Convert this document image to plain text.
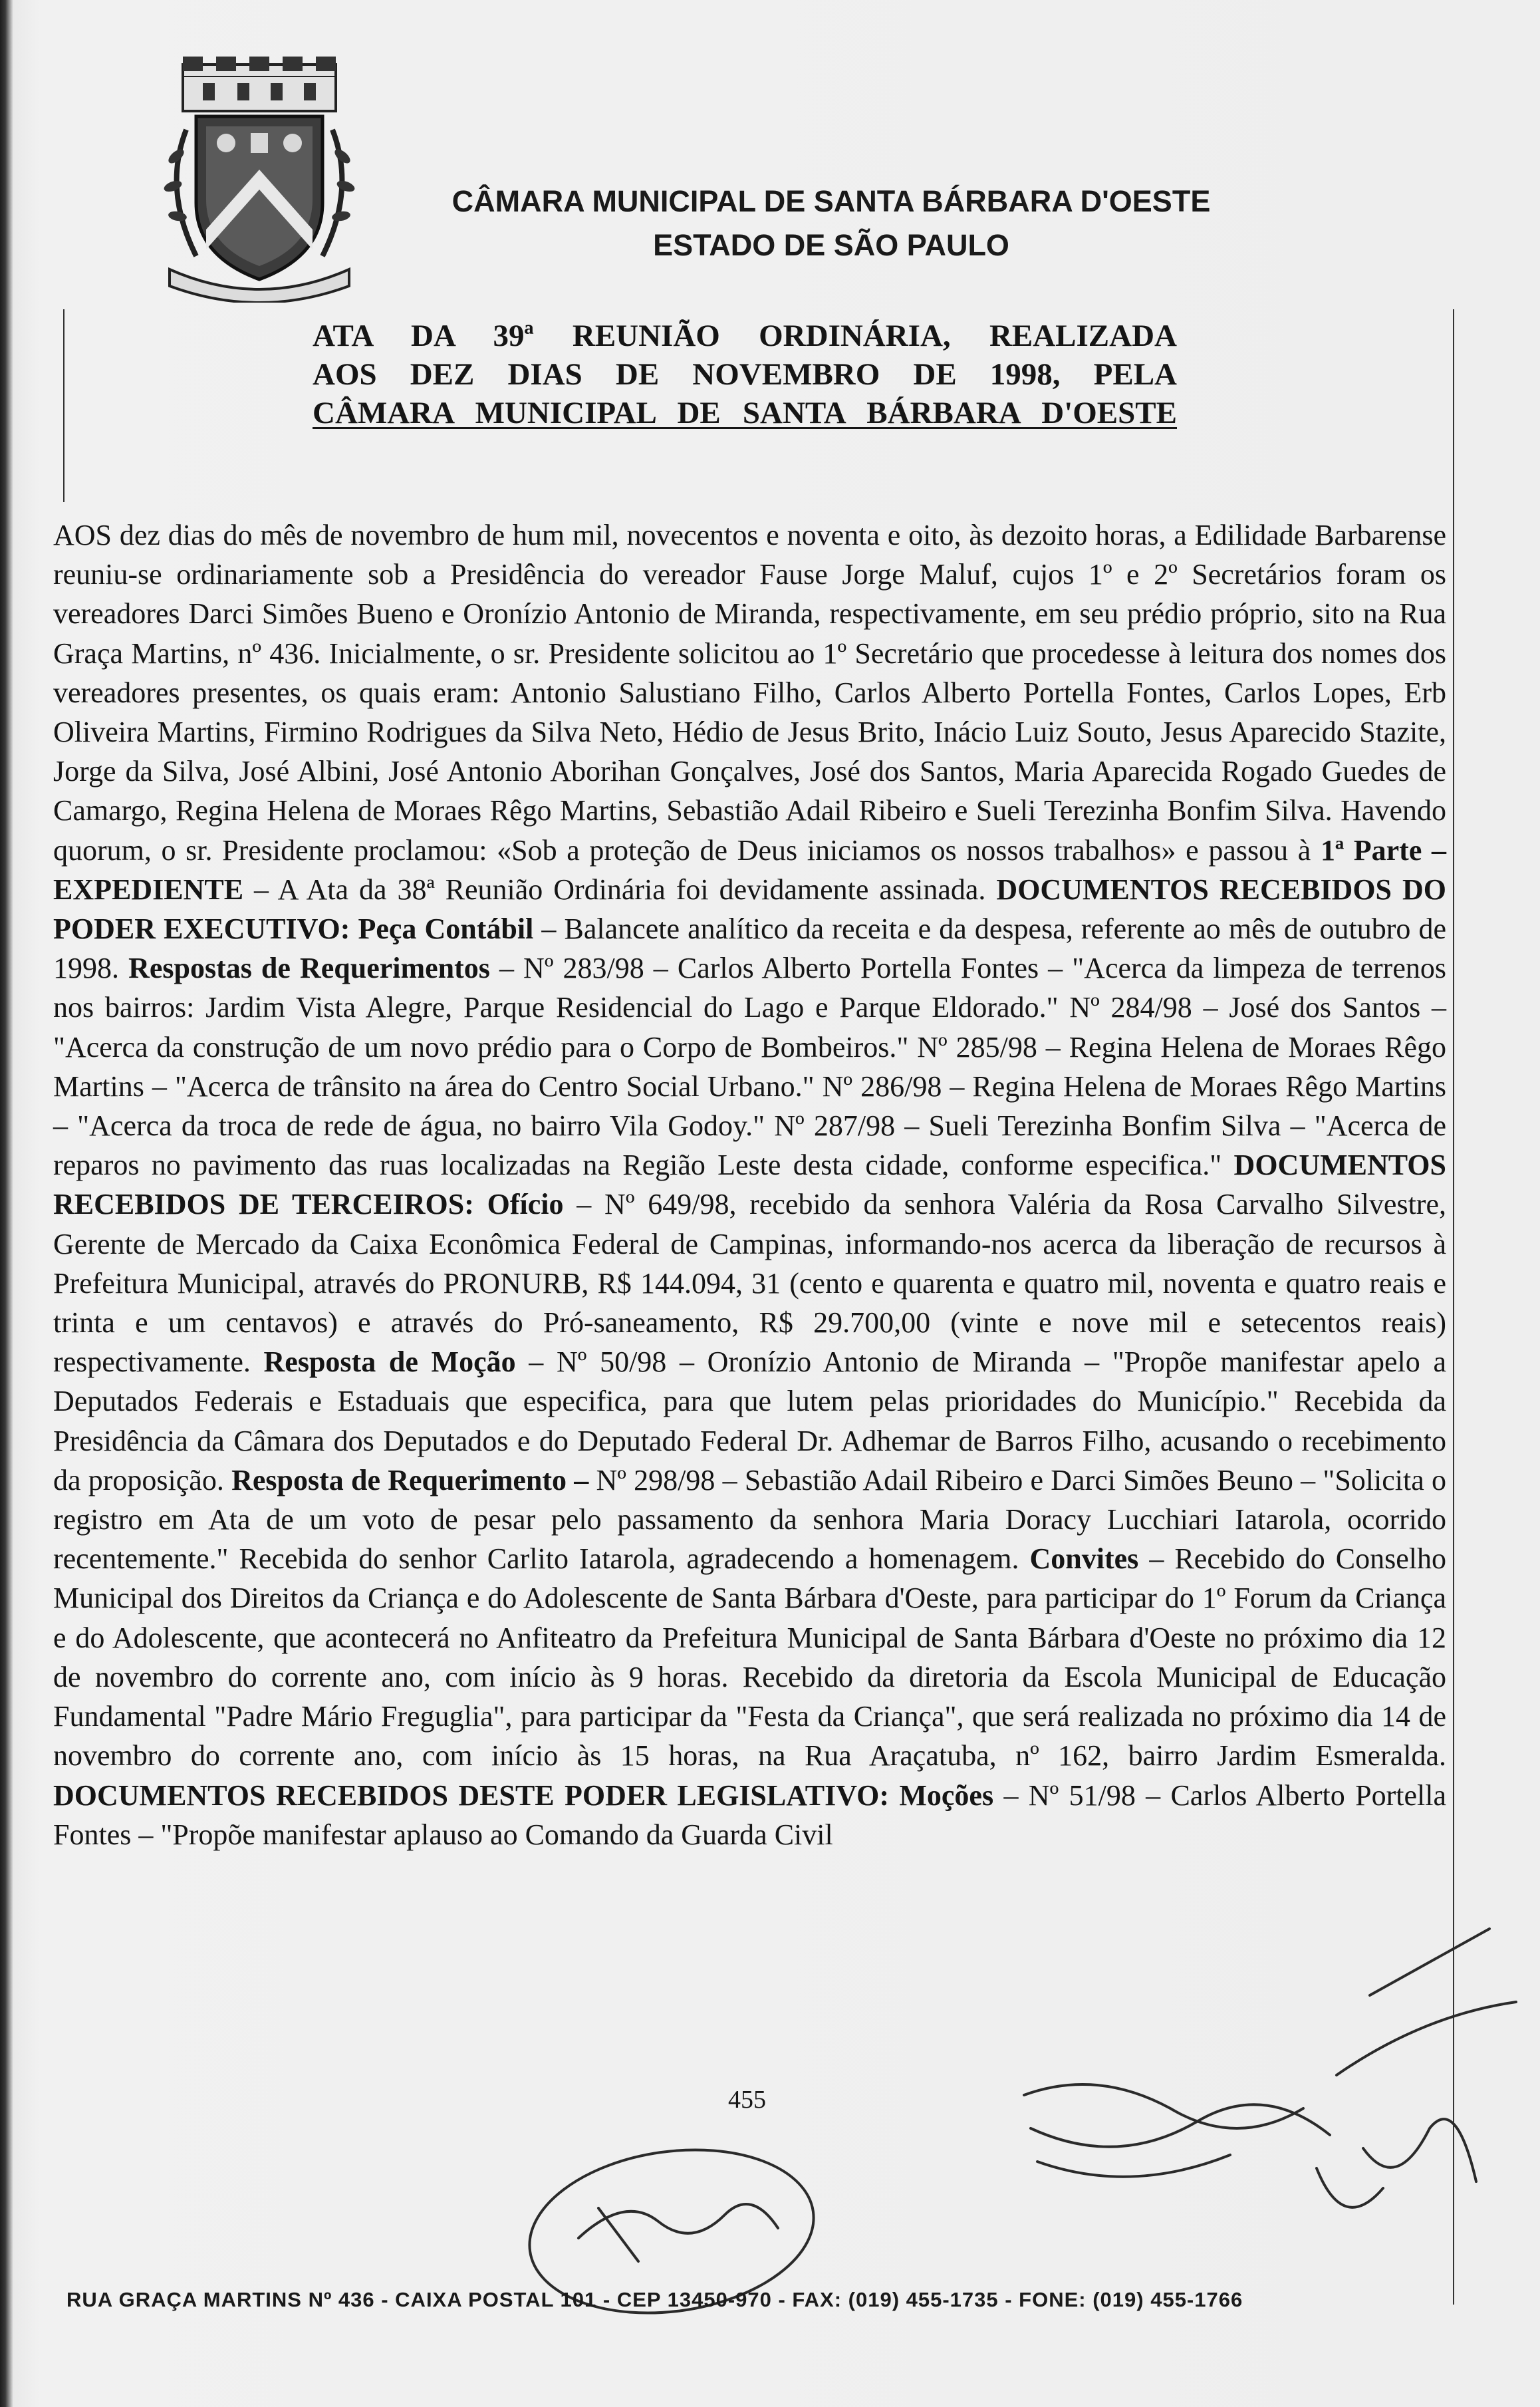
CÂMARA MUNICIPAL DE SANTA BÁRBARA D'OESTE
ESTADO DE SÃO PAULO
ATA DA 39ª REUNIÃO ORDINÁRIA, REALIZADA
AOS DEZ DIAS DE NOVEMBRO DE 1998, PELA
CÂMARA MUNICIPAL DE SANTA BÁRBARA D'OESTE
AOS dez dias do mês de novembro de hum mil, novecentos e noventa e oito, às dezoito horas, a Edilidade Barbarense reuniu-se ordinariamente sob a Presidência do vereador Fause Jorge Maluf, cujos 1º e 2º Secretários foram os vereadores Darci Simões Bueno e Oronízio Antonio de Miranda, respectivamente, em seu prédio próprio, sito na Rua Graça Martins, nº 436. Inicialmente, o sr. Presidente solicitou ao 1º Secretário que procedesse à leitura dos nomes dos vereadores presentes, os quais eram: Antonio Salustiano Filho, Carlos Alberto Portella Fontes, Carlos Lopes, Erb Oliveira Martins, Firmino Rodrigues da Silva Neto, Hédio de Jesus Brito, Inácio Luiz Souto, Jesus Aparecido Stazite, Jorge da Silva, José Albini, José Antonio Aborihan Gonçalves, José dos Santos, Maria Aparecida Rogado Guedes de Camargo, Regina Helena de Moraes Rêgo Martins, Sebastião Adail Ribeiro e Sueli Terezinha Bonfim Silva. Havendo quorum, o sr. Presidente proclamou: «Sob a proteção de Deus iniciamos os nossos trabalhos» e passou à 1ª Parte – EXPEDIENTE – A Ata da 38ª Reunião Ordinária foi devidamente assinada. DOCUMENTOS RECEBIDOS DO PODER EXECUTIVO: Peça Contábil – Balancete analítico da receita e da despesa, referente ao mês de outubro de 1998. Respostas de Requerimentos – Nº 283/98 – Carlos Alberto Portella Fontes – "Acerca da limpeza de terrenos nos bairros: Jardim Vista Alegre, Parque Residencial do Lago e Parque Eldorado." Nº 284/98 – José dos Santos – "Acerca da construção de um novo prédio para o Corpo de Bombeiros." Nº 285/98 – Regina Helena de Moraes Rêgo Martins – "Acerca de trânsito na área do Centro Social Urbano." Nº 286/98 – Regina Helena de Moraes Rêgo Martins – "Acerca da troca de rede de água, no bairro Vila Godoy." Nº 287/98 – Sueli Terezinha Bonfim Silva – "Acerca de reparos no pavimento das ruas localizadas na Região Leste desta cidade, conforme especifica." DOCUMENTOS RECEBIDOS DE TERCEIROS: Ofício – Nº 649/98, recebido da senhora Valéria da Rosa Carvalho Silvestre, Gerente de Mercado da Caixa Econômica Federal de Campinas, informando-nos acerca da liberação de recursos à Prefeitura Municipal, através do PRONURB, R$ 144.094, 31 (cento e quarenta e quatro mil, noventa e quatro reais e trinta e um centavos) e através do Pró-saneamento, R$ 29.700,00 (vinte e nove mil e setecentos reais) respectivamente. Resposta de Moção – Nº 50/98 – Oronízio Antonio de Miranda – "Propõe manifestar apelo a Deputados Federais e Estaduais que especifica, para que lutem pelas prioridades do Município." Recebida da Presidência da Câmara dos Deputados e do Deputado Federal Dr. Adhemar de Barros Filho, acusando o recebimento da proposição. Resposta de Requerimento – Nº 298/98 – Sebastião Adail Ribeiro e Darci Simões Beuno – "Solicita o registro em Ata de um voto de pesar pelo passamento da senhora Maria Doracy Lucchiari Iatarola, ocorrido recentemente." Recebida do senhor Carlito Iatarola, agradecendo a homenagem. Convites – Recebido do Conselho Municipal dos Direitos da Criança e do Adolescente de Santa Bárbara d'Oeste, para participar do 1º Forum da Criança e do Adolescente, que acontecerá no Anfiteatro da Prefeitura Municipal de Santa Bárbara d'Oeste no próximo dia 12 de novembro do corrente ano, com início às 9 horas. Recebido da diretoria da Escola Municipal de Educação Fundamental "Padre Mário Freguglia", para participar da "Festa da Criança", que será realizada no próximo dia 14 de novembro do corrente ano, com início às 15 horas, na Rua Araçatuba, nº 162, bairro Jardim Esmeralda. DOCUMENTOS RECEBIDOS DESTE PODER LEGISLATIVO: Moções – Nº 51/98 – Carlos Alberto Portella Fontes – "Propõe manifestar aplauso ao Comando da Guarda Civil
455
RUA GRAÇA MARTINS Nº 436 - CAIXA POSTAL 101 - CEP 13450-970 - FAX: (019) 455-1735 - FONE: (019) 455-1766
